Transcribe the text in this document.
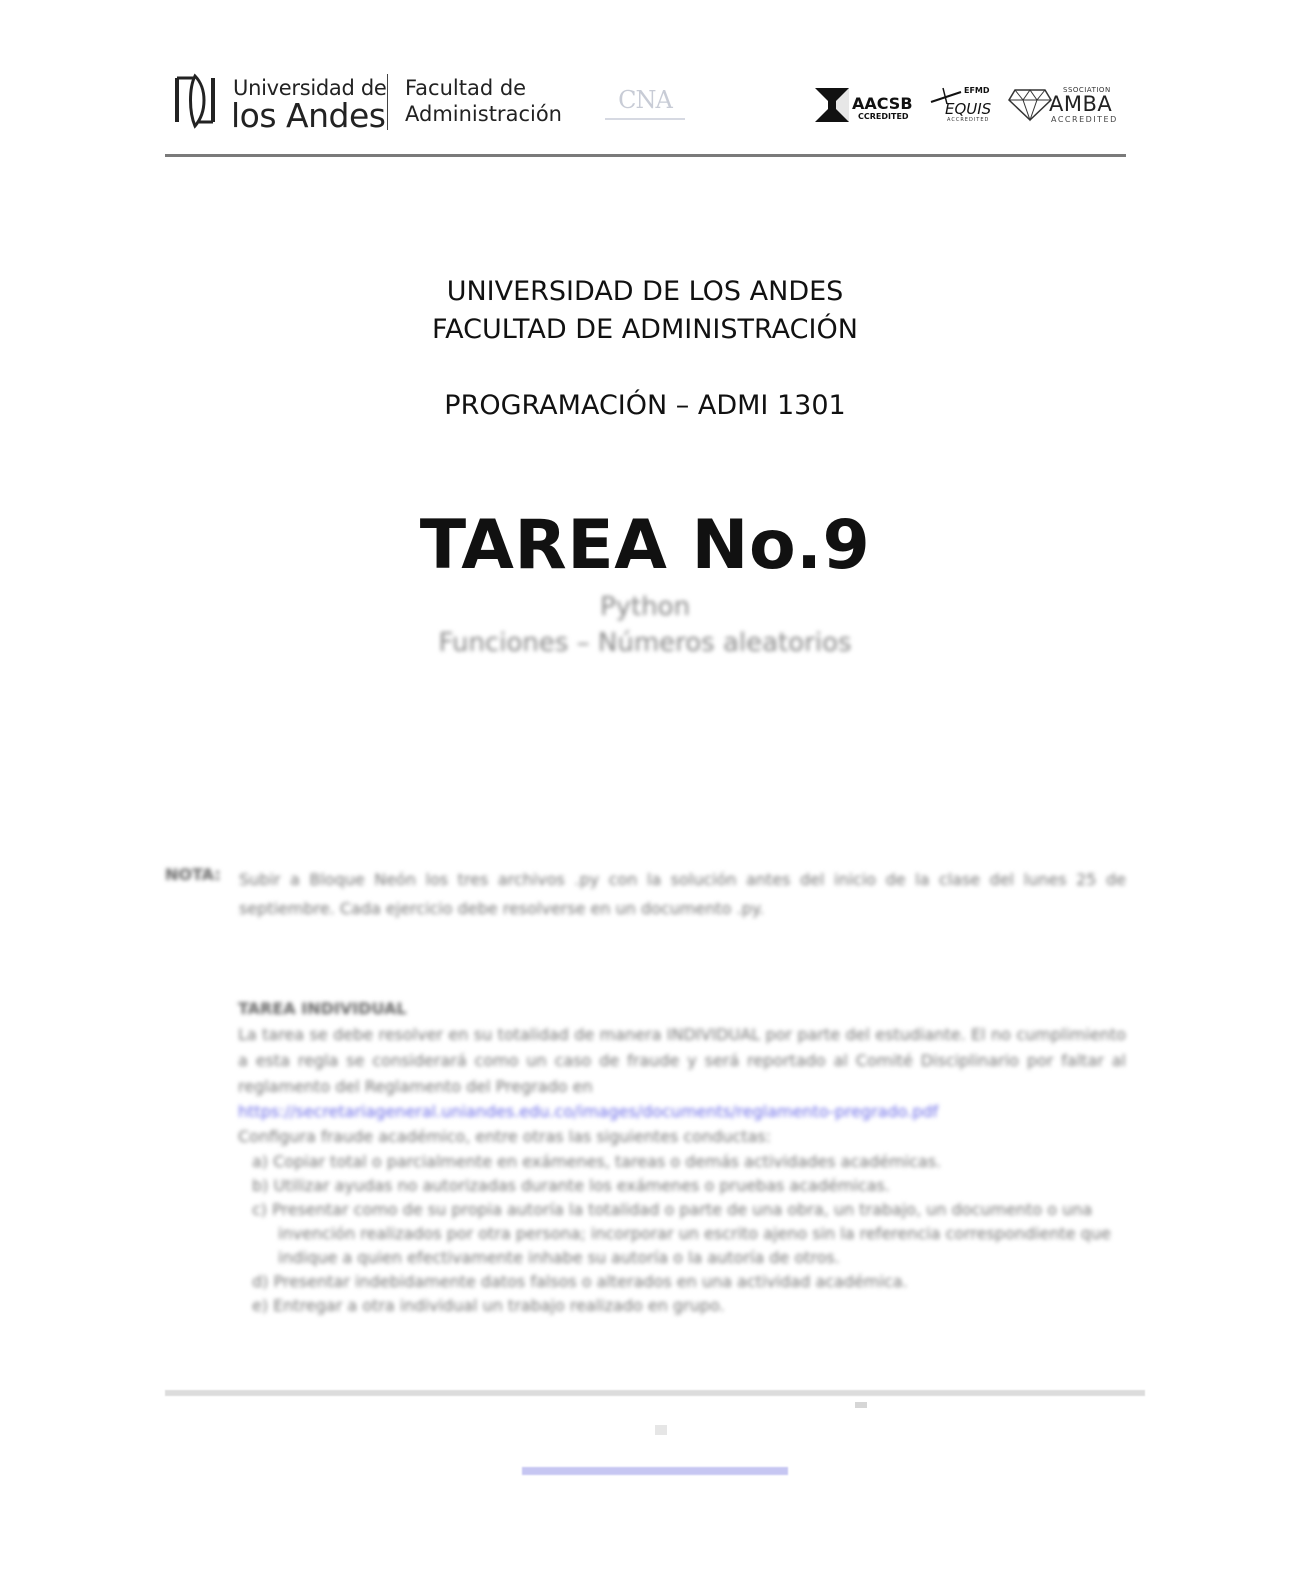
Universidad de
los Andes
Facultad de
Administración	CNA	AACSB
CCREDITED
EFMD
EQUIS
ACCREDITED
SSOCIATION
AMBA
ACCREDITED
UNIVERSIDAD DE LOS ANDES
FACULTAD DE ADMINISTRACIÓN
PROGRAMACIÓN – ADMI 1301
TAREA No.9
Python
Funciones – Números aleatorios
NOTA: Subir a Bloque Neón los tres archivos .py con la solución antes del inicio de la clase del lunes 25 de septiembre. Cada ejercicio debe resolverse en un documento .py.
TAREA INDIVIDUAL

La tarea se debe resolver en su totalidad de manera INDIVIDUAL por parte del estudiante. El no cumplimiento a esta regla se considerará como un caso de fraude y será reportado al Comité Disciplinario por faltar al reglamento del Reglamento del Pregrado en

https://secretariageneral.uniandes.edu.co/images/documents/reglamento-pregrado.pdf

Configura fraude académico, entre otras las siguientes conductas:

a) Copiar total o parcialmente en exámenes, tareas o demás actividades académicas.
b) Utilizar ayudas no autorizadas durante los exámenes o pruebas académicas.
c) Presentar como de su propia autoría la totalidad o parte de una obra, un trabajo, un documento o una invención realizados por otra persona; incorporar un escrito ajeno sin la referencia correspondiente que indique a quien efectivamente inhabe su autoría o la autoría de otros.
d) Presentar indebidamente datos falsos o alterados en una actividad académica.
e) Entregar a otra individual un trabajo realizado en grupo.
